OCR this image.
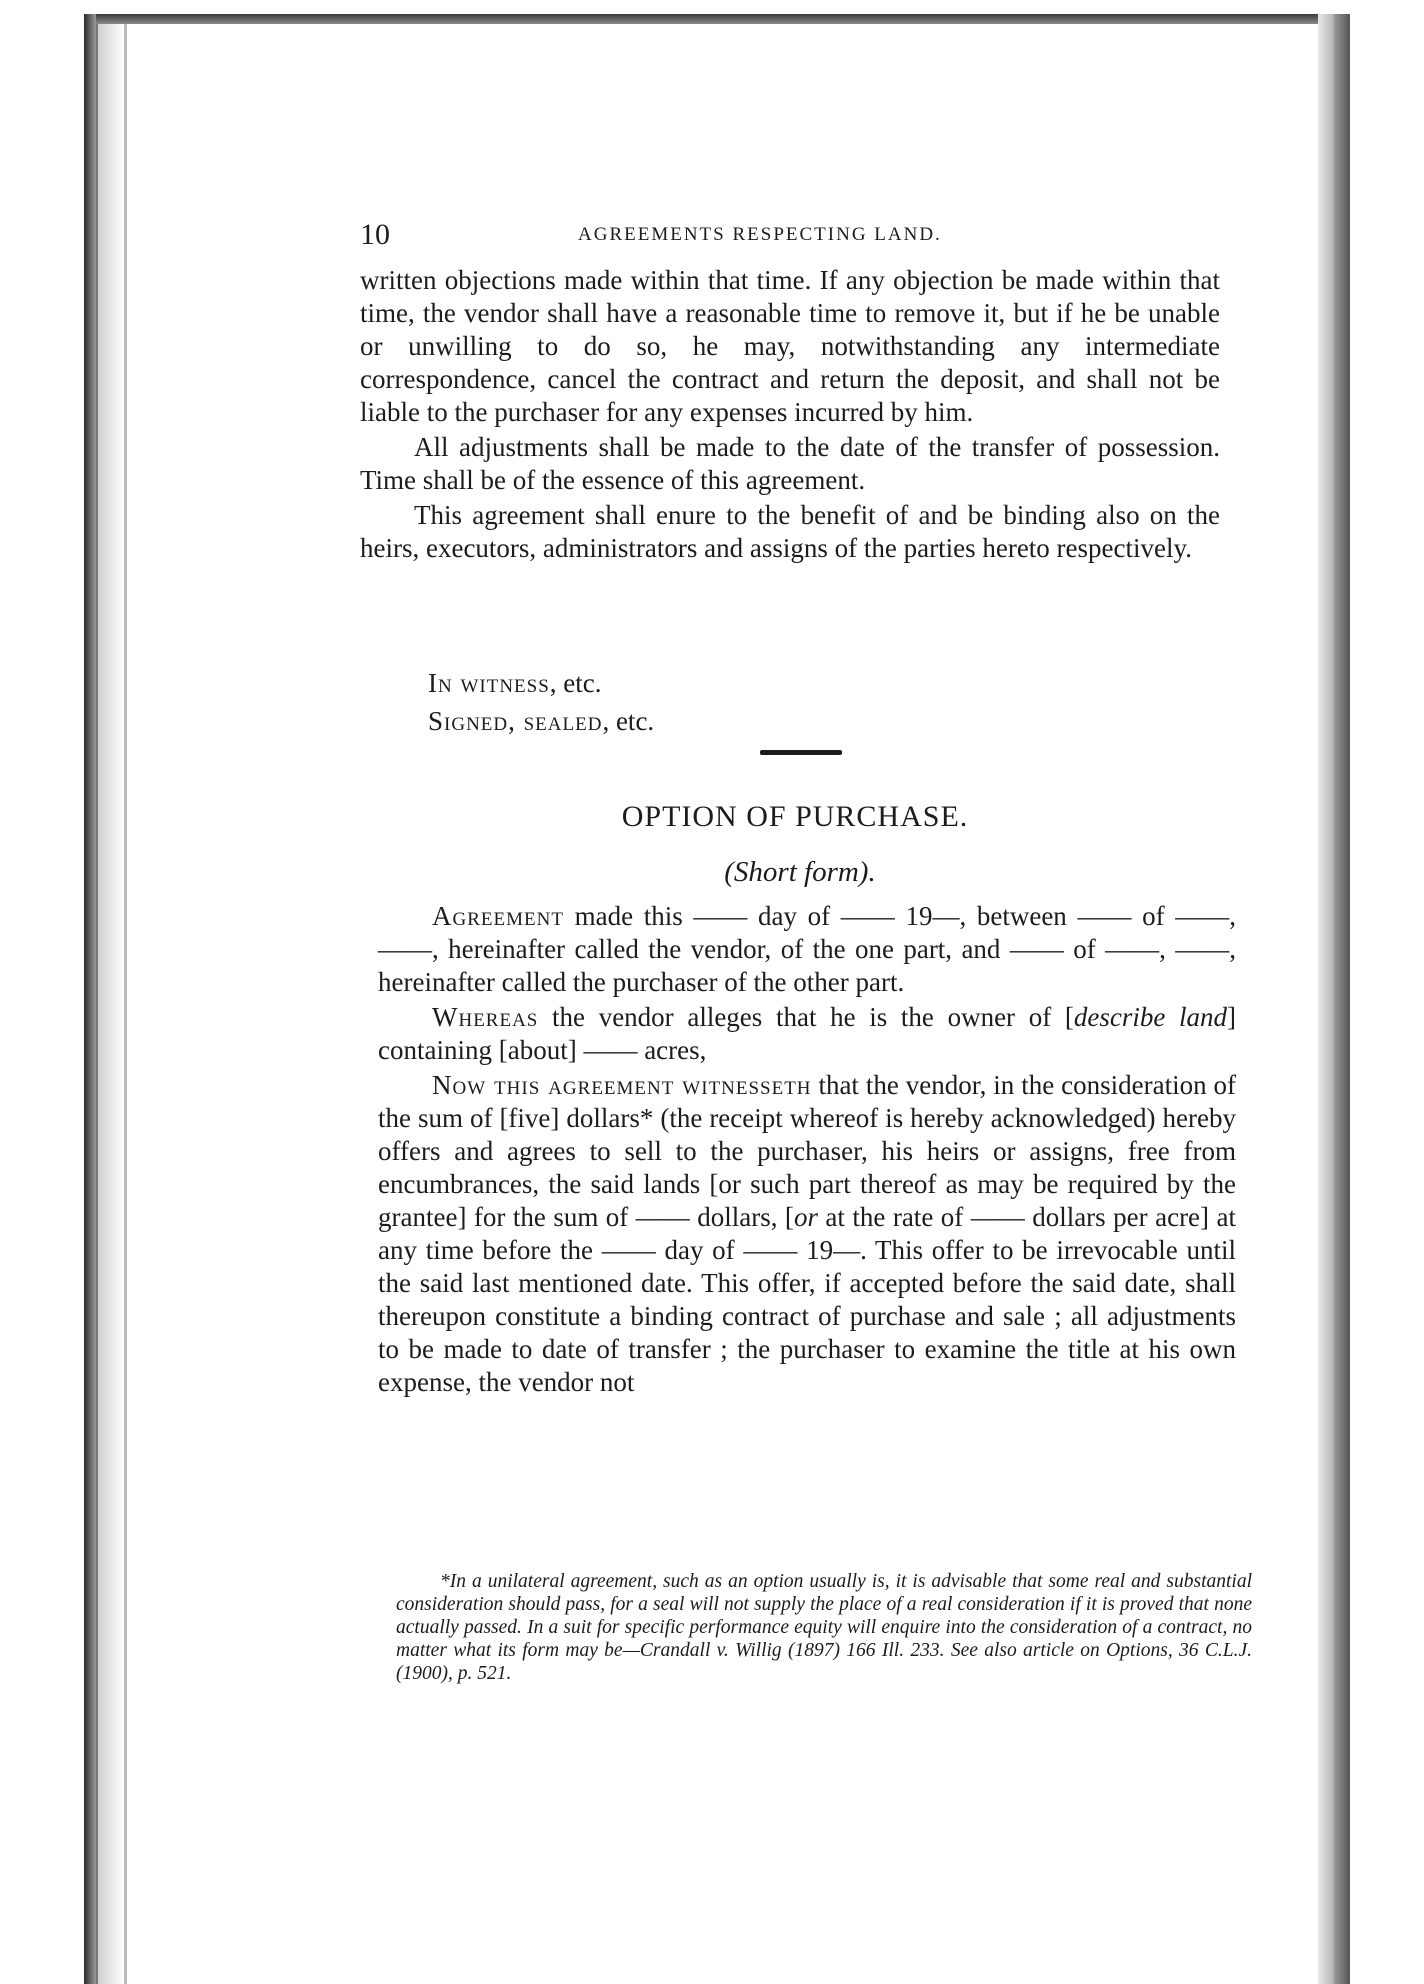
10	AGREEMENTS RESPECTING LAND.

written objections made within that time. If any objection be made within that time, the vendor shall have a reasonable time to remove it, but if he be unable or unwilling to do so, he may, notwithstanding any intermediate correspondence, cancel the contract and return the deposit, and shall not be liable to the purchaser for any expenses incurred by him.

All adjustments shall be made to the date of the transfer of possession. Time shall be of the essence of this agreement.

This agreement shall enure to the benefit of and be binding also on the heirs, executors, administrators and assigns of the parties hereto respectively.

In witness, etc.
Signed, sealed, etc.
OPTION OF PURCHASE.
(Short form).

Agreement made this —— day of —— 19—, between —— of ——, ——, hereinafter called the vendor, of the one part, and —— of ——, ——, hereinafter called the purchaser of the other part.

Whereas the vendor alleges that he is the owner of [describe land] containing [about] —— acres,

Now this agreement witnesseth that the vendor, in the consideration of the sum of [five] dollars* (the receipt whereof is hereby acknowledged) hereby offers and agrees to sell to the purchaser, his heirs or assigns, free from encumbrances, the said lands [or such part thereof as may be required by the grantee] for the sum of —— dollars, [or at the rate of —— dollars per acre] at any time before the —— day of —— 19—. This offer to be irrevocable until the said last mentioned date. This offer, if accepted before the said date, shall thereupon constitute a binding contract of purchase and sale ; all adjustments to be made to date of transfer ; the purchaser to examine the title at his own expense, the vendor not

*In a unilateral agreement, such as an option usually is, it is advisable that some real and substantial consideration should pass, for a seal will not supply the place of a real consideration if it is proved that none actually passed. In a suit for specific performance equity will enquire into the consideration of a contract, no matter what its form may be—Crandall v. Willig (1897) 166 Ill. 233. See also article on Options, 36 C.L.J. (1900), p. 521.
